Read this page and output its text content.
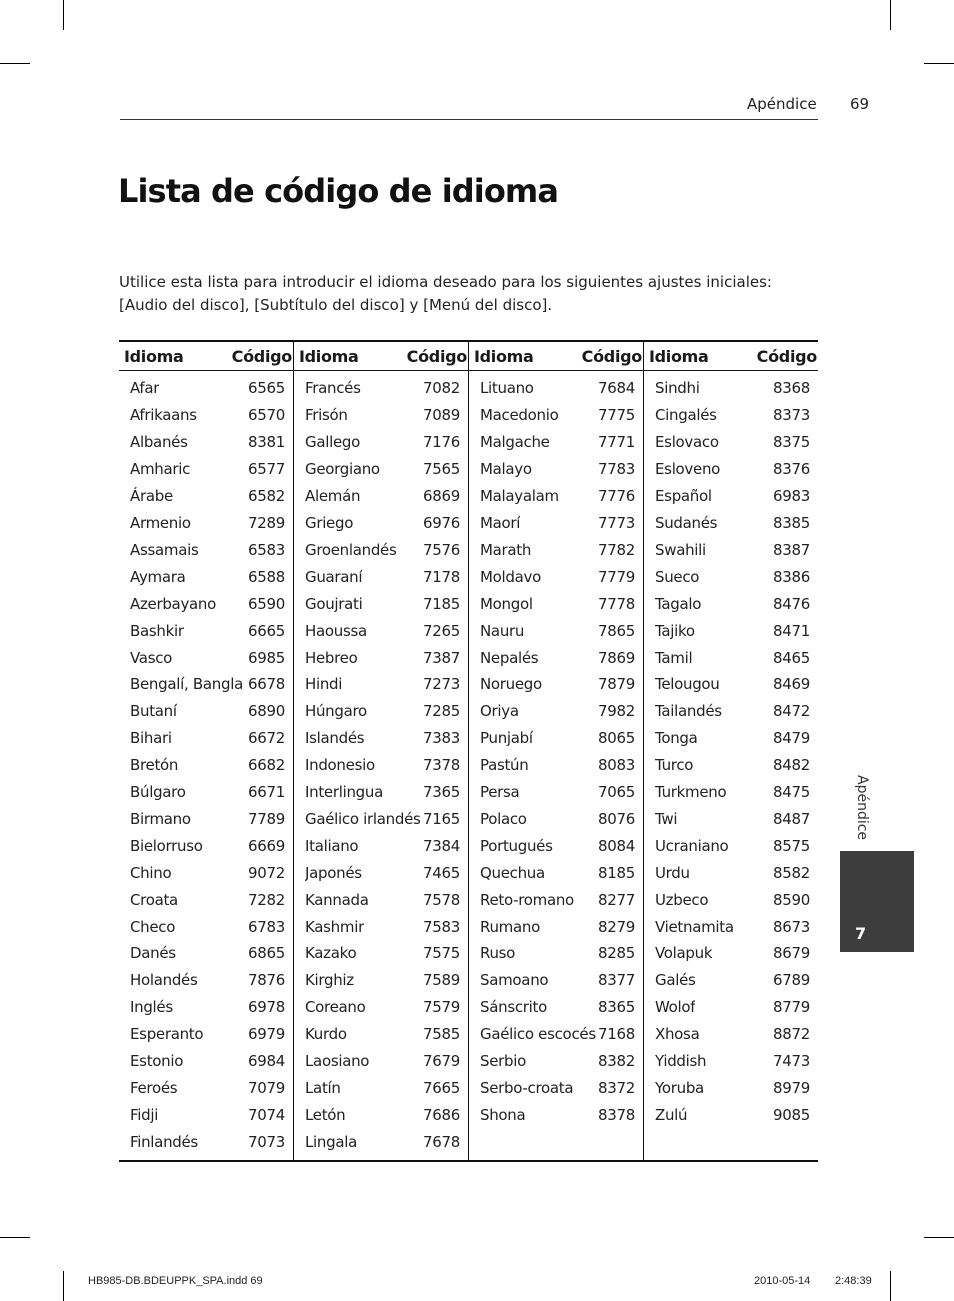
Apéndice 69
Lista de código de idioma

Utilice esta lista para introducir el idioma deseado para los siguientes ajustes iniciales: [Audio del disco], [Subtítulo del disco] y [Menú del disco].

Idioma	Código
Afar	6565
Afrikaans	6570
Albanés	8381
Amharic	6577
Árabe	6582
Armenio	7289
Assamais	6583
Aymara	6588
Azerbayano 6590
Bashkir	6665
Vasco	6985
Bengalí, Bangla 6678
Butaní	6890
Bihari	6672
Bretón	6682
Búlgaro	6671
Birmano	7789
Bielorruso	6669
Chino	9072
Croata	7282
Checo	6783
Danés	6865
Holandés	7876
Inglés	6978
Esperanto	6979
Estonio	6984
Feroés	7079
Fidji	7074
Finlandés	7073
Idioma	Código
Francés	7082
Frisón	7089
Gallego	7176
Georgiano	7565
Alemán	6869
Griego	6976
Groenlandés 7576
Guaraní	7178
Goujrati	7185
Haoussa	7265
Hebreo	7387
Hindi	7273
Húngaro	7285
Islandés	7383
Indonesio	7378
Interlingua	7365
Gaélico irlandés 7165
Italiano	7384
Japonés	7465
Kannada	7578
Kashmir	7583
Kazako	7575
Kirghiz	7589
Coreano	7579
Kurdo	7585
Laosiano	7679
Latín	7665
Letón	7686
Lingala	7678
Idioma	Código
Lituano	7684
Macedonio	7775
Malgache	7771
Malayo	7783
Malayalam	7776
Maorí	7773
Marath	7782
Moldavo	7779
Mongol	7778
Nauru	7865
Nepalés	7869
Noruego	7879
Oriya	7982
Punjabí	8065
Pastún	8083
Persa	7065
Polaco	8076
Portugués	8084
Quechua	8185
Reto-romano 8277
Rumano	8279
Ruso	8285
Samoano	8377
Sánscrito	8365
Gaélico escocés 7168
Serbio	8382
Serbo-croata 8372
Shona	8378
Idioma	Código
Sindhi	8368
Cingalés	8373
Eslovaco	8375
Esloveno	8376
Español	6983
Sudanés	8385
Swahili	8387
Sueco	8386
Tagalo	8476
Tajiko	8471
Tamil	8465
Telougou	8469
Tailandés	8472
Tonga	8479
Turco	8482
Turkmeno	8475
Twi	8487
Ucraniano	8575
Urdu	8582
Uzbeco	8590
Vietnamita	8673
Volapuk	8679
Galés	6789
Wolof	8779
Xhosa	8872
Yiddish	7473
Yoruba	8979
Zulú	9085
Apéndice
7
HB985-DB.BDEUPPK_SPA.indd 69	2010-05-14 2:48:39
